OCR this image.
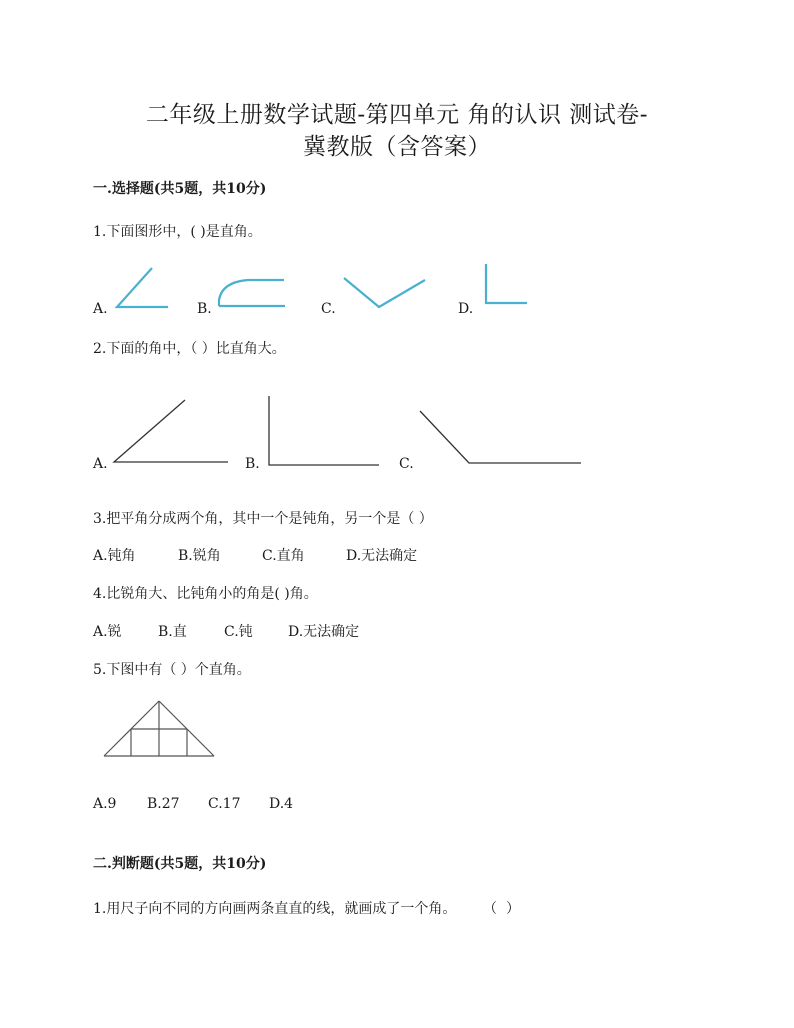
二年级上册数学试题-第四单元 角的认识 测试卷-
冀教版（含答案）
一.选择题(共5题，共10分)
1.下面图形中，( )是直角。
A.	B.	C.	D.
2.下面的角中，（ ）比直角大。
A.	B.	C.
3.把平角分成两个角，其中一个是钝角，另一个是（ ）
A.钝角	B.锐角	C.直角	D.无法确定
4.比锐角大、比钝角小的角是( )角。
A.锐	B.直	C.钝	D.无法确定
5.下图中有（ ）个直角。
A.9 B.27 C.17 D.4
二.判断题(共5题，共10分)
1.用尺子向不同的方向画两条直直的线，就画成了一个角。      （  ）
